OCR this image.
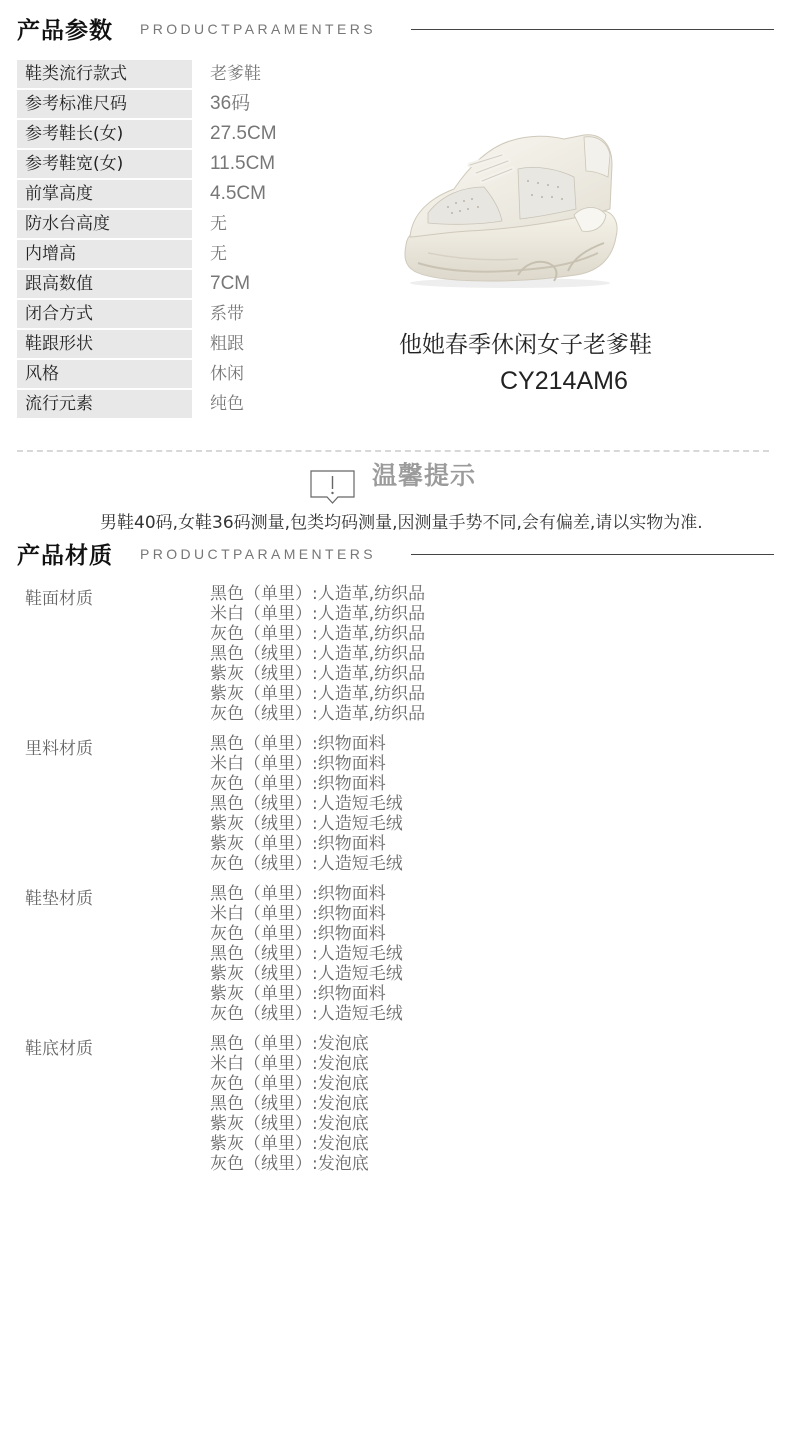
产品参数 PRODUCTPARAMENTERS
鞋类流行款式	老爹鞋
参考标准尺码	36码
参考鞋长(女)	27.5CM
参考鞋宽(女)	11.5CM
前掌高度	4.5CM
防水台高度	无
内增高	无
跟高数值	7CM
闭合方式	系带
鞋跟形状	粗跟
风格	休闲
流行元素	纯色
他她春季休闲女子老爹鞋
CY214AM6
温馨提示
男鞋40码,女鞋36码测量,包类均码测量,因测量手势不同,会有偏差,请以实物为准.
产品材质 PRODUCTPARAMENTERS
鞋面材质	黑色（单里）:人造革,纺织品
米白（单里）:人造革,纺织品
灰色（单里）:人造革,纺织品
黑色（绒里）:人造革,纺织品
紫灰（绒里）:人造革,纺织品
紫灰（单里）:人造革,纺织品
灰色（绒里）:人造革,纺织品
里料材质	黑色（单里）:织物面料
米白（单里）:织物面料
灰色（单里）:织物面料
黑色（绒里）:人造短毛绒
紫灰（绒里）:人造短毛绒
紫灰（单里）:织物面料
灰色（绒里）:人造短毛绒
鞋垫材质	黑色（单里）:织物面料
米白（单里）:织物面料
灰色（单里）:织物面料
黑色（绒里）:人造短毛绒
紫灰（绒里）:人造短毛绒
紫灰（单里）:织物面料
灰色（绒里）:人造短毛绒
鞋底材质	黑色（单里）:发泡底
米白（单里）:发泡底
灰色（单里）:发泡底
黑色（绒里）:发泡底
紫灰（绒里）:发泡底
紫灰（单里）:发泡底
灰色（绒里）:发泡底
